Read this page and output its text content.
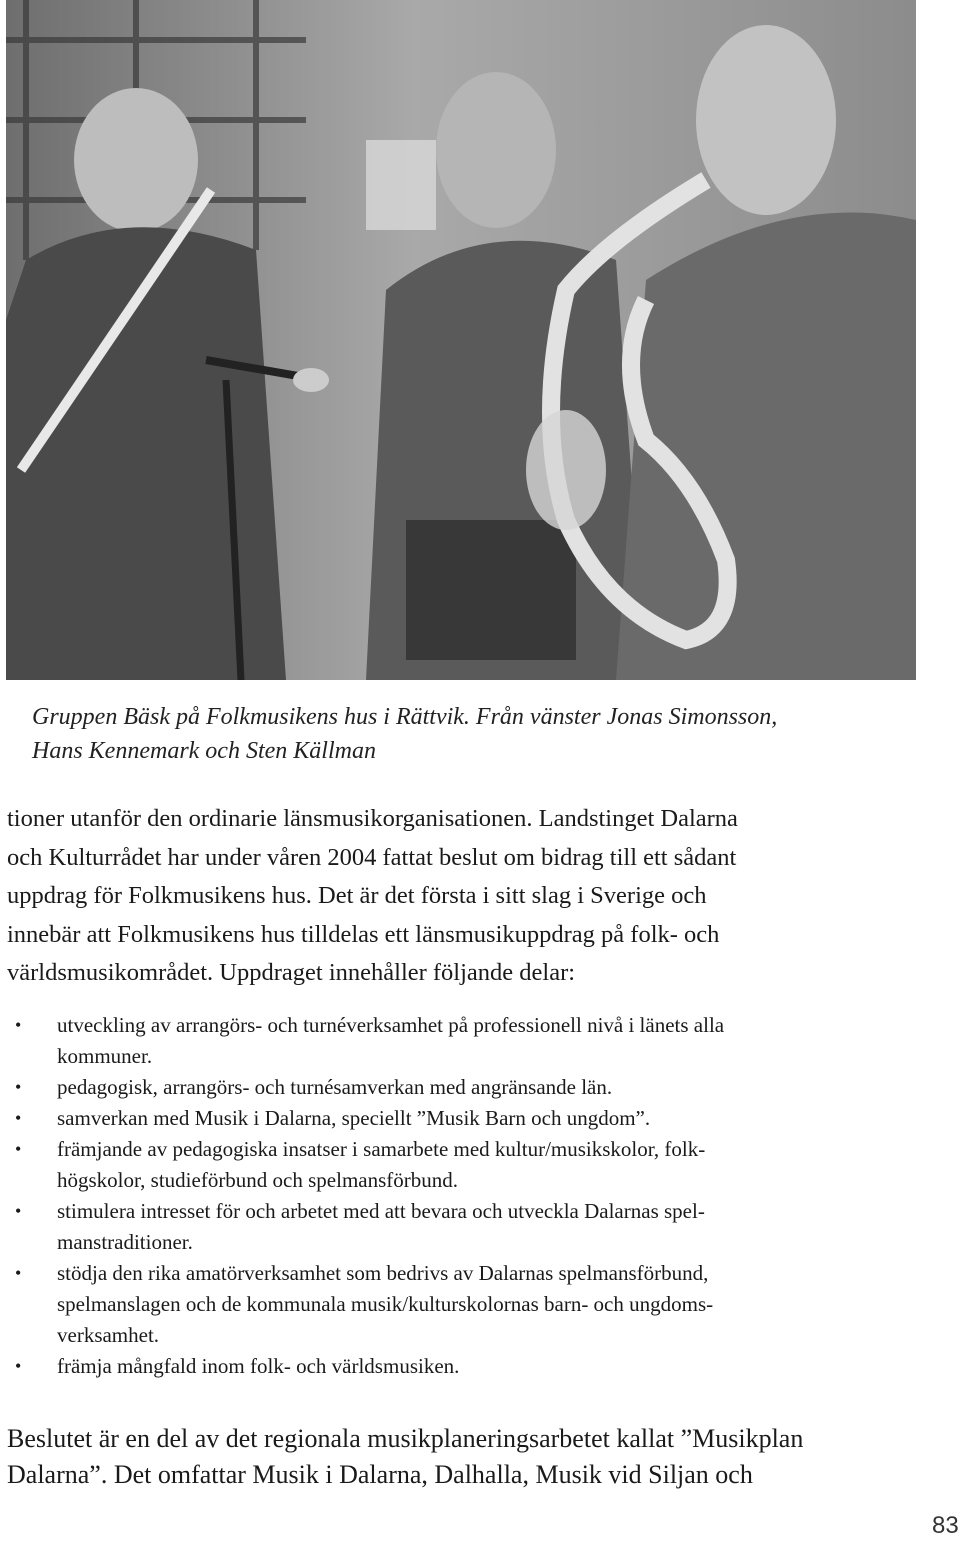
Gruppen Bäsk på Folkmusikens hus i Rättvik. Från vänster Jonas Simonsson,

Hans Kennemark och Sten Källman

tioner utanför den ordinarie länsmusikorganisationen. Landstinget Dalarna

och Kulturrådet har under våren 2004 fattat beslut om bidrag till ett sådant

uppdrag för Folkmusikens hus. Det är det första i sitt slag i Sverige och

innebär att Folkmusikens hus tilldelas ett länsmusikuppdrag på folk- och

världsmusikområdet. Uppdraget innehåller följande delar:

• utveckling av arrangörs- och turnéverksamhet på professionell nivå i länets alla
kommuner.
• pedagogisk, arrangörs- och turnésamverkan med angränsande län.
• samverkan med Musik i Dalarna, speciellt ”Musik Barn och ungdom”.
• främjande av pedagogiska insatser i samarbete med kultur/musikskolor, folk-
högskolor, studieförbund och spelmansförbund.
• stimulera intresset för och arbetet med att bevara och utveckla Dalarnas spel-
manstraditioner.
• stödja den rika amatörverksamhet som bedrivs av Dalarnas spelmansförbund,
spelmanslagen och de kommunala musik/kulturskolornas barn- och ungdoms-
verksamhet.
• främja mångfald inom folk- och världsmusiken.

Beslutet är en del av det regionala musikplaneringsarbetet kallat ”Musikplan

Dalarna”. Det omfattar Musik i Dalarna, Dalhalla, Musik vid Siljan och

83
